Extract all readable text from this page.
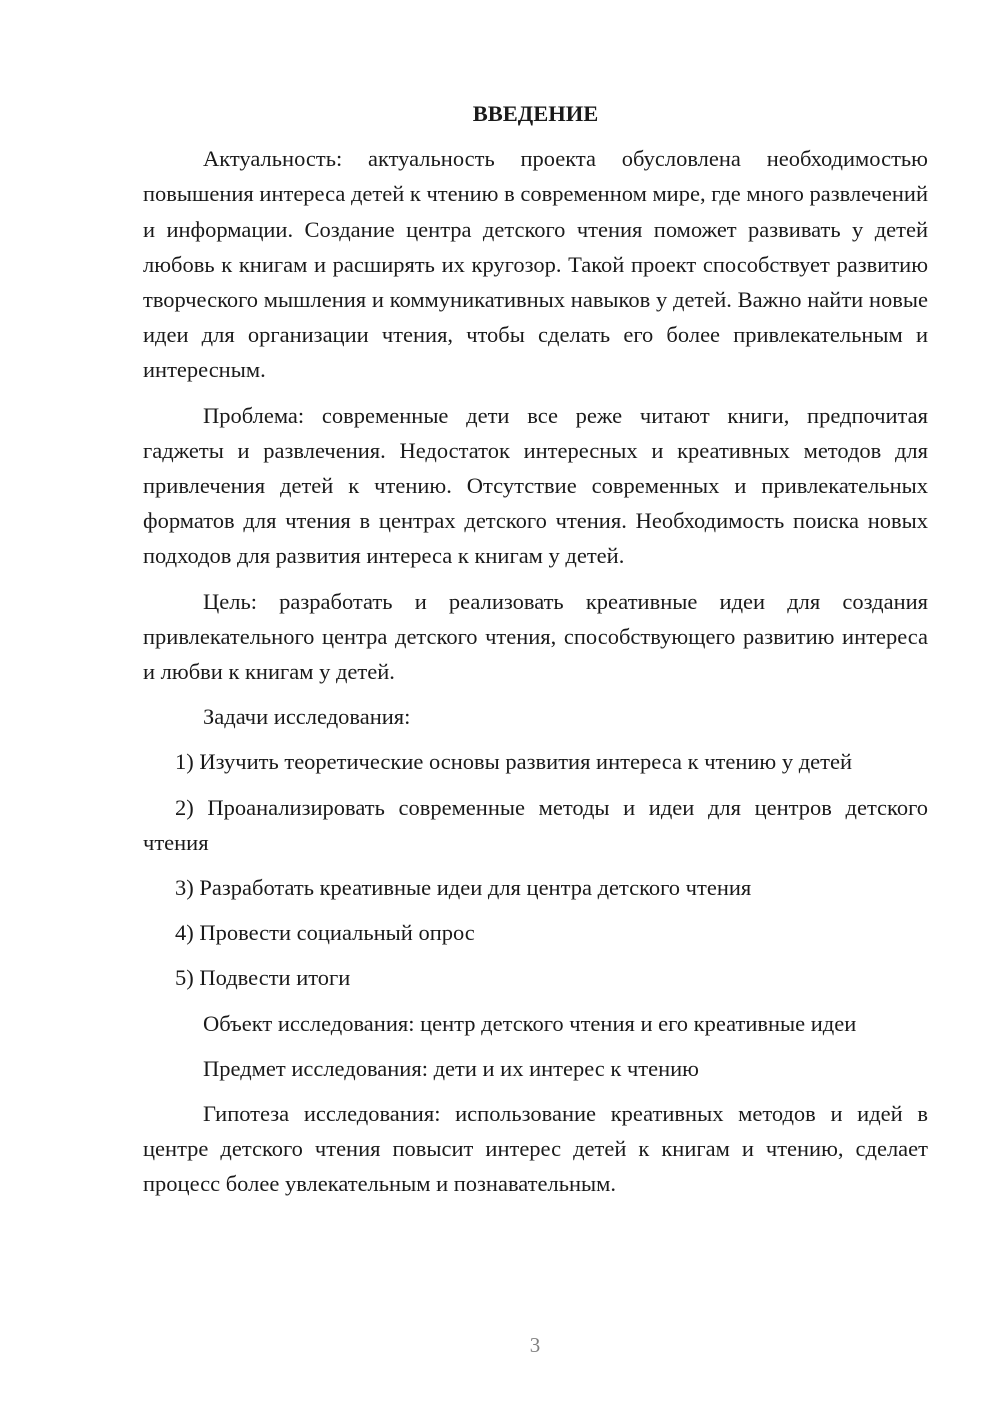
ВВЕДЕНИЕ

Актуальность: актуальность проекта обусловлена необходимостью повышения интереса детей к чтению в современном мире, где много развлечений и информации. Создание центра детского чтения поможет развивать у детей любовь к книгам и расширять их кругозор. Такой проект способствует развитию творческого мышления и коммуникативных навыков у детей. Важно найти новые идеи для организации чтения, чтобы сделать его более привлекательным и интересным.

Проблема: современные дети все реже читают книги, предпочитая гаджеты и развлечения. Недостаток интересных и креативных методов для привлечения детей к чтению. Отсутствие современных и привлекательных форматов для чтения в центрах детского чтения. Необходимость поиска новых подходов для развития интереса к книгам у детей.

Цель: разработать и реализовать креативные идеи для создания привлекательного центра детского чтения, способствующего развитию интереса и любви к книгам у детей.

Задачи исследования:

1) Изучить теоретические основы развития интереса к чтению у детей

2) Проанализировать современные методы и идеи для центров детского чтения

3) Разработать креативные идеи для центра детского чтения

4) Провести социальный опрос

5) Подвести итоги

Объект исследования: центр детского чтения и его креативные идеи

Предмет исследования: дети и их интерес к чтению

Гипотеза исследования: использование креативных методов и идей в центре детского чтения повысит интерес детей к книгам и чтению, сделает процесс более увлекательным и познавательным.

3
